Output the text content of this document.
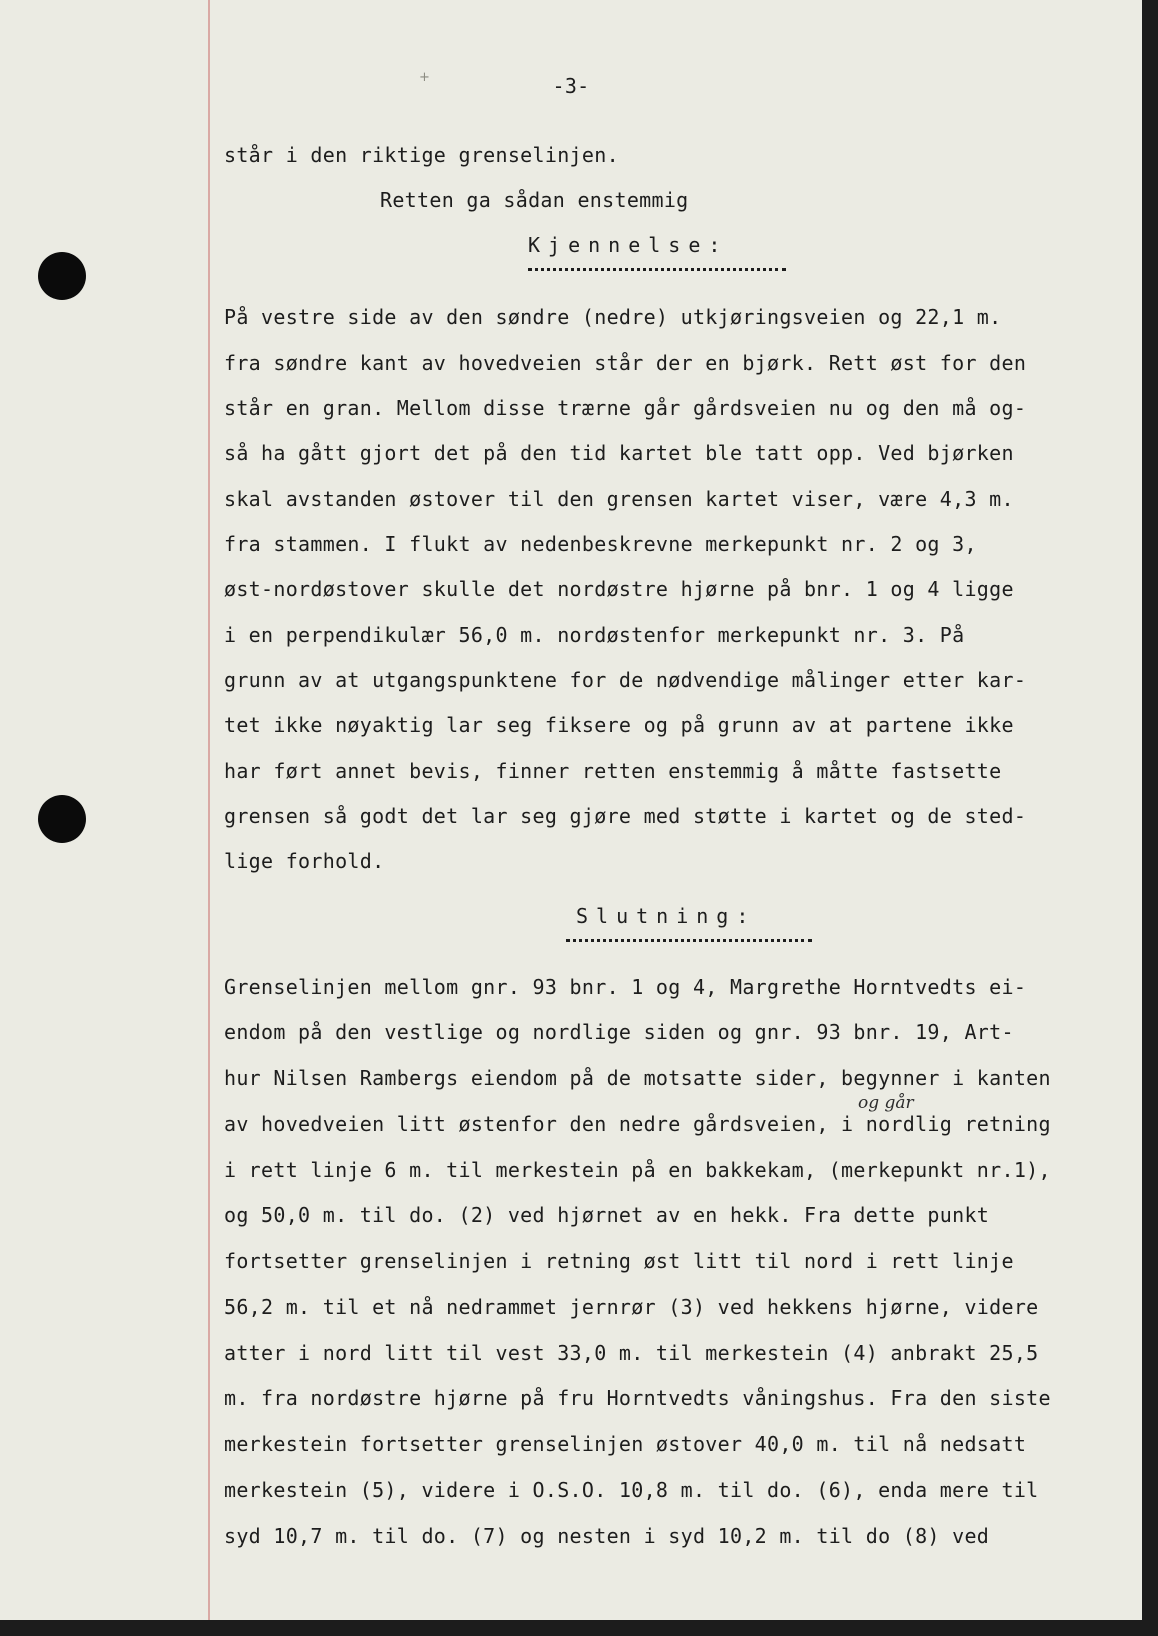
+	-3-
står i den riktige grenselinjen.
Retten ga sådan enstemmig
Kjennelse:
På vestre side av den søndre (nedre) utkjøringsveien og 22,1 m.
fra søndre kant av hovedveien står der en bjørk. Rett øst for den
står en gran. Mellom disse trærne går gårdsveien nu og den må og-
så ha gått gjort det på den tid kartet ble tatt opp. Ved bjørken
skal avstanden østover til den grensen kartet viser, være 4,3 m.
fra stammen. I flukt av nedenbeskrevne merkepunkt nr. 2 og 3,
øst-nordøstover skulle det nordøstre hjørne på bnr. 1 og 4 ligge
i en perpendikulær 56,0 m. nordøstenfor merkepunkt nr. 3. På
grunn av at utgangspunktene for de nødvendige målinger etter kar-
tet ikke nøyaktig lar seg fiksere og på grunn av at partene ikke
har ført annet bevis, finner retten enstemmig å måtte fastsette
grensen så godt det lar seg gjøre med støtte i kartet og de sted-
lige forhold.
Slutning:
og går
Grenselinjen mellom gnr. 93 bnr. 1 og 4, Margrethe Horntvedts ei-
endom på den vestlige og nordlige siden og gnr. 93 bnr. 19, Art-
hur Nilsen Rambergs eiendom på de motsatte sider, begynner i kanten
av hovedveien litt østenfor den nedre gårdsveien, i nordlig retning
i rett linje 6 m. til merkestein på en bakkekam, (merkepunkt nr.1),
og 50,0 m. til do. (2) ved hjørnet av en hekk. Fra dette punkt
fortsetter grenselinjen i retning øst litt til nord i rett linje
56,2 m. til et nå nedrammet jernrør (3) ved hekkens hjørne, videre
atter i nord litt til vest 33,0 m. til merkestein (4) anbrakt 25,5
m. fra nordøstre hjørne på fru Horntvedts våningshus. Fra den siste
merkestein fortsetter grenselinjen østover 40,0 m. til nå nedsatt
merkestein (5), videre i O.S.O. 10,8 m. til do. (6), enda mere til
syd 10,7 m. til do. (7) og nesten i syd 10,2 m. til do (8) ved
